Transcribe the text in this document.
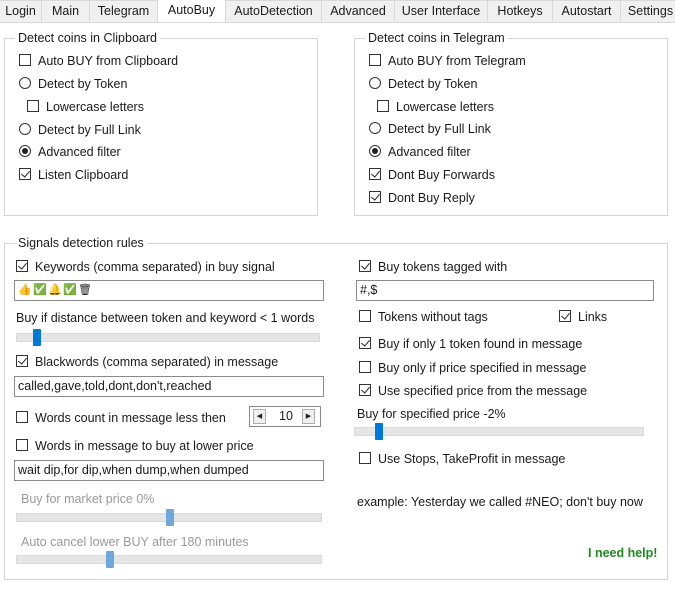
Login	Main	Telegram	AutoBuy	AutoDetection	Advanced	User Interface	Hotkeys	Autostart	Settings
Detect coins in Clipboard
Auto BUY from Clipboard
Detect by Token
Lowercase letters
Detect by Full Link
Advanced filter
Listen Clipboard
Detect coins in Telegram
Auto BUY from Telegram
Detect by Token
Lowercase letters
Detect by Full Link
Advanced filter
Dont Buy Forwards
Dont Buy Reply
Signals detection rules
Keywords (comma separated) in buy signal
👍 ✅ 🔔 ✅ 🗑
Buy if distance between token and keyword < 1 words
Blackwords (comma separated) in message
called,gave,told,dont,don't,reached
Words count in message less then	◀	10	▶
Words in message to buy at lower price
wait dip,for dip,when dump,when dumped
Buy for market price 0%
Auto cancel lower BUY after 180 minutes
Buy tokens tagged with
#,$
Tokens without tags	Links
Buy if only 1 token found in message
Buy only if price specified in message
Use specified price from the message
Buy for specified price -2%
Use Stops, TakeProfit in message
example: Yesterday we called #NEO; don't buy now
I need help!
